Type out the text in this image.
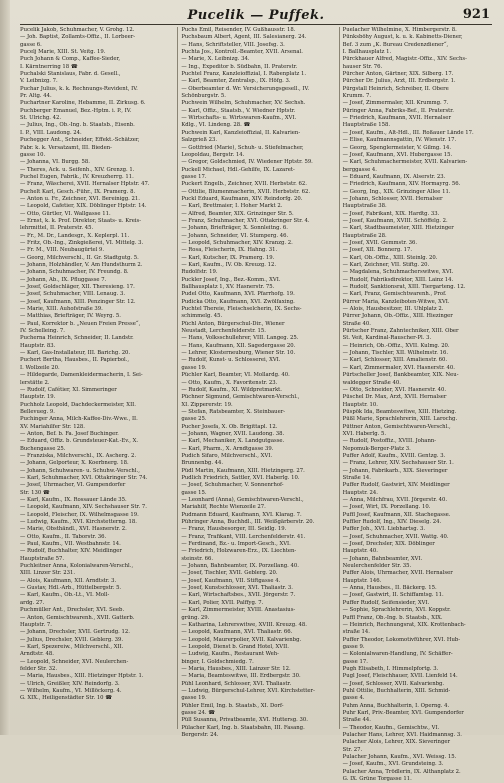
Pucelik — Puffek.	921
Pucelik Jakob, Schuhmacher, V. Grohg. 12.
— Joh. Baptist, Zollamts-Offiz., II. Lorbeer-
gasse 6.
Pucelj Marie, XIII. St. Veitg. 19.
Puch Johann & Comp., Kaffee-Sieder,
I. Kärntnerring 18 ☎
Puchalski Stanislaus, Fabr. d. Gesell.,
V. Leibnizg. 7.
Puchar Julius, k. k. Rechnungs-Revident, IV.
Pr. Altg. 44.
Puchartner Karoline, Hebamme, II. Zirkusg. 6.
Puchberger Emanuel, Bez.-Hptm. i. P., IV.
St. Ulrichg. 42.
— Julius, Ing., Ob.-Ing. b. Staatsb., Eisenb.
I. P., VIII. Laudong. 24.
Puchegger Ant., Schneider, Effekt.-Schätzer,
Fabr. k. k. Versatzamt, III. Bieden-
gasse 10.
— Johanna, VI. Burgg. 58.
— Theres, Ack. u. Seifenh., XIV. Grenzg. 1.
Puchel Eugen, Fabrik., IV. Kreuzherrg. 11.
— Franz, Wäscherei, XVII. Hernalser Hptstr. 47.
Puchelt Karl, Gesch.-Führ., IX. Pramerg. 8.
— Anton u. Fr., Zeichner, XVI. Bereinigg. 21.
— Leopold, Cafetier, XIX. Döblinger Hptstr. 14.
— Otto, Gürtler, VI. Wallgasse 11.
— Ernst, k. k. Prof. Direktor, Staats- u. Kreis-
lehrmittel, II. Praterstr. 45.
— Fr., M. Dr., Landesgr., X. Keplerpl. 11.
— Fritz, Ob.-Ing., Zinkgießerei, VI. Mittelg. 3.
— Fr. M., VIII. Neubaugürtel 9.
— Georg, Milchverschl., II. Gr. Stadtgutg. 5.
— Johann, Holzhändler, V. Am Hundsthurm 2.
— Johann, Schuhmacher, IV. Freundg. 8.
— Johann, Ab., IX. Pfluggasse 7.
— Josef, Goldschläger, XII. Theresieng. 17.
— Josef, Schuhmacher, VIII. Lenaug. 3.
— Josef, Kaufmann, XIII. Penzinger Str. 12.
— Marie, XIII. Auhofstraße 39.
— Matthias, Briefträger, IV. Weyrg. 5.
— Paul, Korrektor b. „Neuen Freien Presse“,
IV. Schelleing. 7.
Pucherna Heinrich, Schneider, II. Landstr.
Hauptstr. 83.
— Karl, Gas-Installateur, III. Barichg. 20.
Puchert Bertha, Hausbes., II. Papierbol.,
I. Wollzeile 20.
— Hildegarde, Damenkleidermacherin, I. Sei-
lerstätte 2.
— Rudolf, Cafétier, XI. Simmeringer
Hauptstr. 19.
Puchholz Leopold, Dachdeckermeister, XII.
Bellevueg. 9.
Puchinger Anna, Milch-Kaffee-Div.-Wwe., II.
XV. Mariahilfer Str. 128.
— Anton, Bef. b. Fa. Josef Buchinger.
— Eduard, Offiz. b. Grundsteuer-Kat.-Ev., X.
Buchengasse 25.
— Franziska, Milchverschl., IX. Ascherg. 2.
— Johann, Gelporteur, X. Koerbnerg. 18.
— Johann, Schuhwaren- u. Schuhw.-Verschl.,
— Karl, Schuhmacher, XVI. Ottakringer Str. 74.
— Josef, Uhrmacher, VI. Gumpendorfer
Str. 130 ☎
— Karl, Kaufm., IX. Rossauer Lände 35.
— Leopold, Kaufmann, XIV. Sechshauser Str. 7.
— Leopold, Fleischer, IX. Wilhelmsgasse 19.
— Ludwig, Kaufm., XVI. Kirchstetterng. 18.
— Marie, Obsthändl., XVI. Hasnerstr. 2.
— Otto, Kaufm., II. Taborstr. 36.
— Paul, Kaufm., VII. Westbahnstr. 14.
— Rudolf, Buchhalter, XIV. Meidlinger
Hauptstraße 57.
Puchleitner Anna, Kolonialwaren-Verschl.,
XIII. Linzer Str. 231.
— Alois, Kaufmann, XII. Arndtstr. 3.
— Gustav, Hdl.-Arb., Hüttelbergstr. 5.
— Karl, Kaufm., Ob.-Lt., VI. Moll-
ardg. 27.
Puchmüller Ant., Drechsler, XVI. Seeb.
— Anton, Gemischtwarenh., XVII. Gatterb.
Hauptstr. 7.
— Johann, Drechsler, XVII. Gertrudg. 12.
— Julius, Drechsler, XVII. Geblerg. 39.
— Karl, Spezereiw., Milchverschl., XII.
Arndtstr. 48.
— Leopold, Schneider, XVI. Neulerchen-
felder Str. 32.
— Maria, Hausbes., XIII. Hietzinger Hptstr. 1.
— Ulrich, Greißler, XIV. Reindorfg. 3.
— Wilhelm, Kaufm., VI. Millöckerg. 4.
G. XIX., Heiligenstädter Str. 10 ☎
Puchs Emil, Reisender, IV. Gußhausstr. 18.
Puchsbaum Albert, Agent, III. Salesianerg. 24.
— Hans, Schriftsteller, VIII. Josefsg. 3.
Puchta Jos., Kontroll.-Beamter, XVII. Arsenal.
— Marie, X. Leibnizg. 34.
— Ing., Expeditor b. Südbahn, II. Praterstr.
Puchtel Franz, Kanzleioffizial, I. Rabenplatz 1.
— Karl, Beamter, Zentralsp., IX. Höfg. 3.
— Oberbeamter d. Wr. Versicherungsgesell., IV.
Schönburgstr. 5.
Puchwein Wilhelm, Schuhmacher, XV. Sechsh.
— Karl, Offiz., Staatsb., V. Wiedner Hptstr.
— Wirtschafts- u. Wirtswaren-Kaufm., XVI.
Kdlg., VI. Lindeng. 28. ☎
Puchwein Karl, Kanzleioffizial, II. Kalvarien-
Salzgrieß 23.
— Gottfried (Marie), Schuh- u. Stiefelmacher,
Leopoldau, Bergstr. 14.
— Gregor, Goldschmied, IV. Wiedener Hptstr. 59.
Puckell Michael, Hdl.-Gehilfe, IX. Lazaret-
gasse 17.
Puckert Engelb., Zeichner, XVII. Herbststr. 62.
— Ottilie, Blumenmacherin, XVII. Herbststr. 62.
Puckl Eduard, Kaufmann, XIV. Reindorfg. 20.
— Karl, Brettmaier, I. Hoher Markt 2.
— Alfred, Beamter, XIX. Grinzinger Str. 5.
— Franz, Schuhmacher, XVI. Ottakringer Str. 4.
— Johann, Briefträger, X. Sonnleitng. 6.
— Johann, Schneider, VI. Stumperg. 46.
— Leopold, Schuhmacher, XIV. Kranzg. 2.
— Rosa, Fleischerin, IX. Hahng. 31.
— Karl, Kutscher, IX. Pramerg. 19.
— Karl, Kaufm., IV. Ob. Kreuzg. 12.
Rudolfstr. 19.
Puckler Josef, Ing., Bez.-Komm., XVI.
Ballhausplatz 1, XV. Hasnerstr. 75.
Pudel Otto, Kaufmann, XVI. Pfarrhofg. 19.
Pudicka Otto, Kaufmann, XVI. Zwölfaxing.
Puchtel Thereie, Fleischselcherin, IX. Sechs-
schimmelg. 45.
Püchl Anton, Bürgerschul-Dir., Wiener
Neustadt, Lerchenfelderstr. 15.
— Hans, Volksschullehrer, VIII. Langeg. 25.
— Hans, Kaufmann, XII. Sagedergasse 20.
— Lehrer, Klosterneuburg, Wiener Str. 10.
— Rudolf, Kunst- u. Schlosserei, XVI.
gasse 19.
Püchler Karl, Beamter, VI. Mollardg. 40.
— Otto, Kaufm., X. Favoritenstr. 23.
— Rudolf, Kaufm., XI. Wildpretmarkt.
Püchner Sigmund, Gemischtwaren-Verschl.,
XI. Zippererstr. 19.
— Stefan, Ratsbeamter, X. Steinbauer-
gasse 25.
Pucher Josefa, X. Ob. Brigittapl. 12.
— Johann, Wagner, XVII. Laudong. 38.
— Karl, Mechaniker, X. Landgutgasse.
— Karl, Pharm., X. Arndtgasse 39.
Pudich Sifaro, Milchverschl., XVI.
Brunnenbg. 44.
Püdl Martin, Kaufmann, XIII. Hietzingerg. 27.
Pudlich Friedrich, Sattler, XVI. Haberlg. 10.
— Josef, Schuhmacher, V. Sonnenrhof-
gasse 15.
— Leonhard (Anna), Gemischtwaren-Verschl.,
Mariahilf, Rechte Wienzeile 27.
Pudmann Eduard, Kaufmann, XVI. Klarag. 7.
Pühringer Anna, Buchhdl., III. Weißgärberstr. 20.
— Franz, Hausbesorger, III. Seidlg. 19.
— Franz, Trafikant, VIII. Lerchenfelderstr. 41.
— Ferdinand, Bz.- u. Import-Gesch., XVI.
— Friedrich, Holzwaren-Erz., IX. Liechten-
steinstr. 66.
— Johann, Bahnbeamter, IX. Porzellang. 40.
— Josef, Tischler, XVII. Geblerg. 20.
— Josef, Kaufmann, VII. Stiftgasse 4.
— Josef, Kunstschlosser, XVI. Thaliastr. 3.
— Karl, Wirtschaftsbes., XVII. Jörgerstr. 7.
— Karl, Polier, XVII. Palffyg. 7.
— Karl, Zimmermeister, XVIII. Anastasius-
grüng. 29.
— Katharina, Lehrerswitwe, XVIII. Kreuzg. 48.
— Leopold, Kaufmann, XVI. Thaliastr. 66.
— Leopold, Maurerpolier, XVII. Kalvarienbg.
— Leopold, Dienst b. Grand Hotel, XVII.
— Ludwig, Kaufm., Restaurant Weh-
binger, I. Goldschmiedg. 7.
— Maria, Hausbes., XIII. Lainzer Str. 12.
— Maria, Beamteswitwe, III. Erdbergstr. 30.
Pühl Leonhard, Schlosser, XVI. Thaliastr.
— Ludwig, Bürgerschul-Lehrer, XVI. Kirchstetter-
gasse 19.
Pühler Emil, Ing. b. Staatsb., XI. Dorf-
gasse 24. ☎
Püll Susanna, Privatbeamte, XVI. Huttersg. 30.
Pülacher Karl, Ing. b. Staatsbahn, III. Fasang.
Bergerstr. 24.
Puelacher Wilhelmine, X. Himbergerstr. 8.
Pünksböhy August, k. u. k. Kabinetts-Diener,
Bef. 3 zum „K. Bureau Credenzdiener“,
I. Ballhausplatz 1.
Pürckhauer Alfred, Magistr.-Offiz., XIV. Sechs-
hauser Str. 76.
Pürcher Anton, Gärtner, XIX. Silberg. 17.
Pürcher Dr. Julius, Arzt, III. Erdbergstr. 1.
Pürgstall Heinrich, Schreiber, II. Obere
Krumm. 7.
— Josef, Zimmermaler, XII. Krummg. 7.
Püringer Anna, Fabriks-Bef., II. Praterstr.
— Friedrich, Kaufmann, XVII. Hernalser
Hauptstraße 158.
— Josef, Kaufm., Alt-Hdl., III. Roßauer Lände 17.
— Elise, Kaufmannsgattin, IV. Wienstr. 17.
— Georg, Spenglermeister, V. Gilmg. 14.
— Josef, Kaufmann, XVI. Hubergasse 15.
— Karl, Schuhmachermeister, XVII. Kalvarien-
berggasse 4.
— Eduard, Kaufmann, IX. Alserstr. 23.
— Friedrich, Kaufmann, XIV. Hormayrg. 56.
— Georg, Ing., XIX. Grinzinger Allee 11.
— Johann, Schlosser, XVII. Hernalser
Hauptstraße 38.
— Josef, Fabrikant, XIX. Hardtg. 33.
— Josef, Kaufmann, XVIII. Schöffelg. 2.
— Karl, Stadtbaumeister, XIII. Hietzinger
Hauptstraße 28.
— Josef, XVII. Gemmstr. 36.
— Josef, XII. Bonnerg. 17.
— Karl, Ob.-Offiz., XIII. Steinlg. 20.
— Karl, Zeichner, VII. Stiftg. 20.
— Magdalena, Schuhmacherswitwe, XVI.
— Rudolf, Fabriksdirektor, XIII. Lainz 14.
— Rudolf, Sanktionsrat, XIII. Tiergarteng. 12.
— Karl, Franz, Gemischtwarenh., Prof.
Pürrer Maria, Kanzleiboten-Witwe, XVI.
— Alois, Hausbesitzer, III. Uhlplatz 2.
Pürrer Johann, Ob.-Offiz., XIII. Hiezinger
Straße 40.
Pürtscher Franz, Zahntechniker, XIII. Ober
St. Veit, Kardinal-Rauscher-Pl. 3.
— Heinrich, Ob.-Offiz., XVII. Kulmg. 20.
— Johann, Tischler, XII. Wilhelmstr. 16.
— Karl, Schlosser, XIII. Amalienstr. 60.
— Karl, Zimmermaler, XVI. Hasnerstr. 40.
Pürtscheller Josef, Bankbeamter, XIX. Neu-
waldegger Straße 40.
— Otto, Schneider, XVI. Hasnerstr. 40.
Püschel Dr. Max, Arzt, XVII. Hernalser
Hauptstr. 10.
Püspök Ida, Beamteswitwe, XIII. Hietzing.
Püßl Marie, Sprachlehrerin, XIII. Larochg.
Püttner Anton, Gemischtwaren-Verschl.,
XVI. Haberlg. 5.
— Rudolf, Postoffiz., XVIII. Johann-
Nepomuk-Berger-Platz 3.
Puffer Adolf, Kaufm., XVIII. Gentzg. 3.
— Franz, Lehrer, XIV. Sechshauser Str. 1.
— Johann, Fabrikarb., XIX. Sieveringer
Straße 14.
Puffer Rudolf, Gastwirt, XIV. Meidlinger
Hauptstr. 24.
— Anna, Milchfrau, XVII. Jörgerstr. 40.
— Josef, Wirt, IX. Porzellang. 10.
Puffl Josef, Kaufmann, XII. Stachegasse.
Puffler Rudolf, Ing., XIV. Dieselg. 24.
Puffer Joh., XVI. Liebhartsg. 3.
— Josef, Schuhmacher, XVII. Wattg. 40.
— Josef, Drechsler, XIX. Döblinger
Hauptstr. 40.
— Johann, Bahnbeamter, XVI.
Neulerchenfelder Str. 35.
Puffer Alois, Uhrmacher, XVII. Hernalser
Hauptstr. 146.
— Anna, Hausbes., II. Bäckerg. 15.
— Josef, Gastwirt, II. Schiffamtsg. 11.
Puffer Rudolf, Seifensieder, XVI.
— Sophie, Sprachlehrerin, XVI. Koppstr.
Puffl Franz, Ob.-Ing. b. Staatsb., XIX.
— Heinrich, Rechnungsrat, XIX. Krottenbach-
straße 14.
Puffer Theodor, Lokomotivführer, XVI. Hub-
gasse 9.
— Kolonialwaren-Handlung, IV. Schäffer-
gasse 17.
Pugh Elisabeth, I. Himmelpfortg. 3.
Pugl Josef, Fleischhauer, XVII. Lienfeld 14.
— Josef, Schlosser, XVII. Kalvarienbg.
Puhl Ottilie, Buchhalterin, XIII. Schmid-
gasse 4.
Puhm Anna, Buchhalterin, I. Operng. 4.
Puhr Karl, Priv.-Beamter, XVI. Gumpendorfer
Straße 44.
— Theodor, Kaufm., Gemischtw., VI.
Pulacher Hans, Lehrer, XVI. Haidmannsg. 3.
Pulacher Alois, Lehrer, XIX. Sieveringer
Str. 27.
Pulacher Johann, Kaufm., XVI. Weissg. 15.
— Josef, Kaufm., XVI. Grundsteing. 3.
Pulacher Anna, Trödlerin, IX. Althanplatz 2.
G. IX. Grüne Torgasse 11.
